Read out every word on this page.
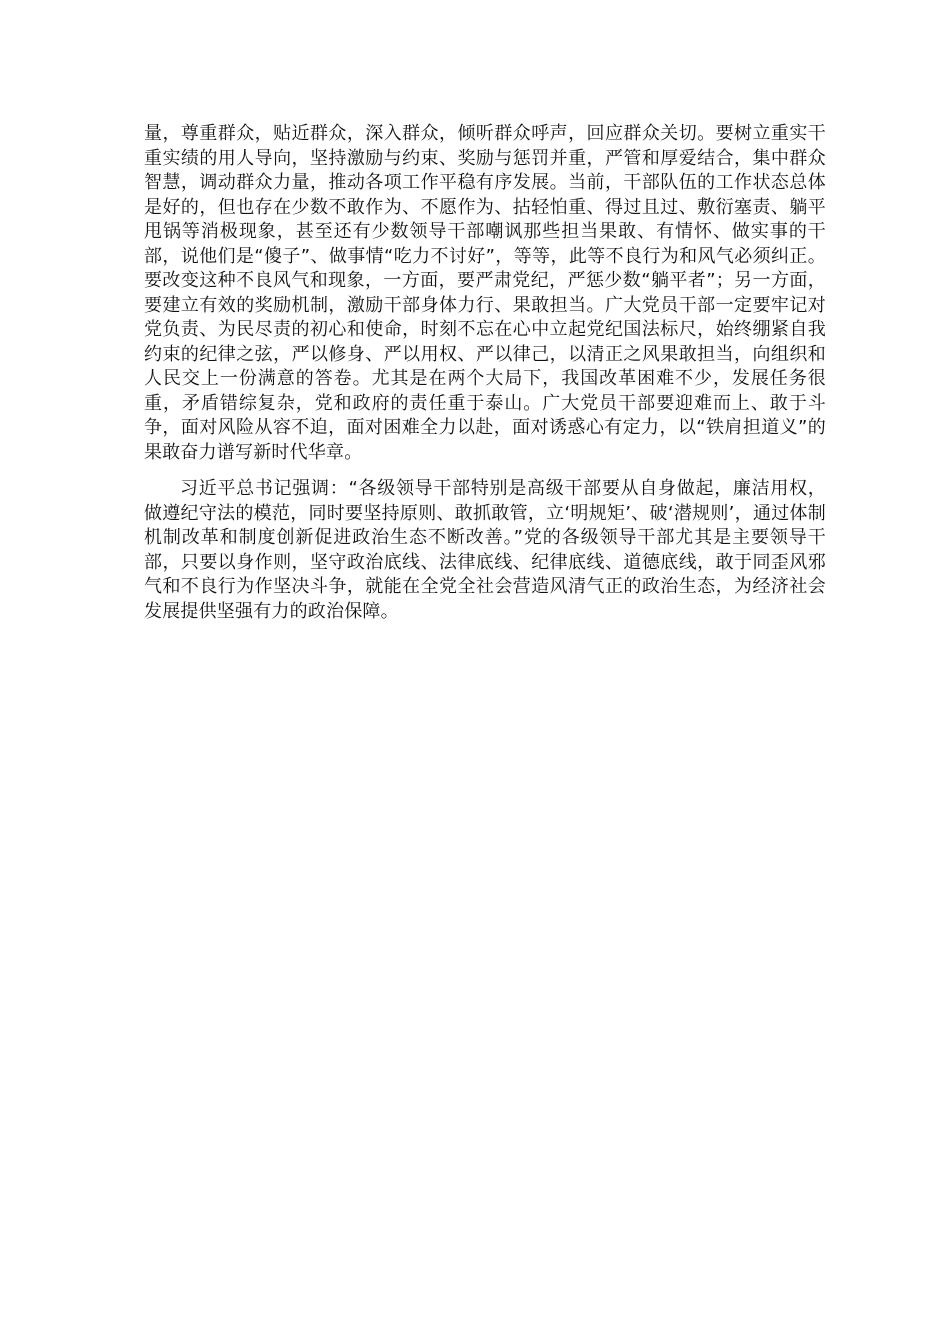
量，尊重群众，贴近群众，深入群众，倾听群众呼声，回应群众关切。要树立重实干重实绩的用人导向，坚持激励与约束、奖励与惩罚并重，严管和厚爱结合，集中群众智慧，调动群众力量，推动各项工作平稳有序发展。当前，干部队伍的工作状态总体是好的，但也存在少数不敢作为、不愿作为、拈轻怕重、得过且过、敷衍塞责、躺平甩锅等消极现象，甚至还有少数领导干部嘲讽那些担当果敢、有情怀、做实事的干部，说他们是“傻子”、做事情“吃力不讨好”，等等，此等不良行为和风气必须纠正。要改变这种不良风气和现象，一方面，要严肃党纪，严惩少数“躺平者”；另一方面，要建立有效的奖励机制，激励干部身体力行、果敢担当。广大党员干部一定要牢记对党负责、为民尽责的初心和使命，时刻不忘在心中立起党纪国法标尺，始终绷紧自我约束的纪律之弦，严以修身、严以用权、严以律己，以清正之风果敢担当，向组织和人民交上一份满意的答卷。尤其是在两个大局下，我国改革困难不少，发展任务很重，矛盾错综复杂，党和政府的责任重于泰山。广大党员干部要迎难而上、敢于斗争，面对风险从容不迫，面对困难全力以赴，面对诱惑心有定力，以“铁肩担道义”的果敢奋力谱写新时代华章。

习近平总书记强调：“各级领导干部特别是高级干部要从自身做起，廉洁用权，做遵纪守法的模范，同时要坚持原则、敢抓敢管，立‘明规矩’、破‘潜规则’，通过体制机制改革和制度创新促进政治生态不断改善。”党的各级领导干部尤其是主要领导干部，只要以身作则，坚守政治底线、法律底线、纪律底线、道德底线，敢于同歪风邪气和不良行为作坚决斗争，就能在全党全社会营造风清气正的政治生态，为经济社会发展提供坚强有力的政治保障。
